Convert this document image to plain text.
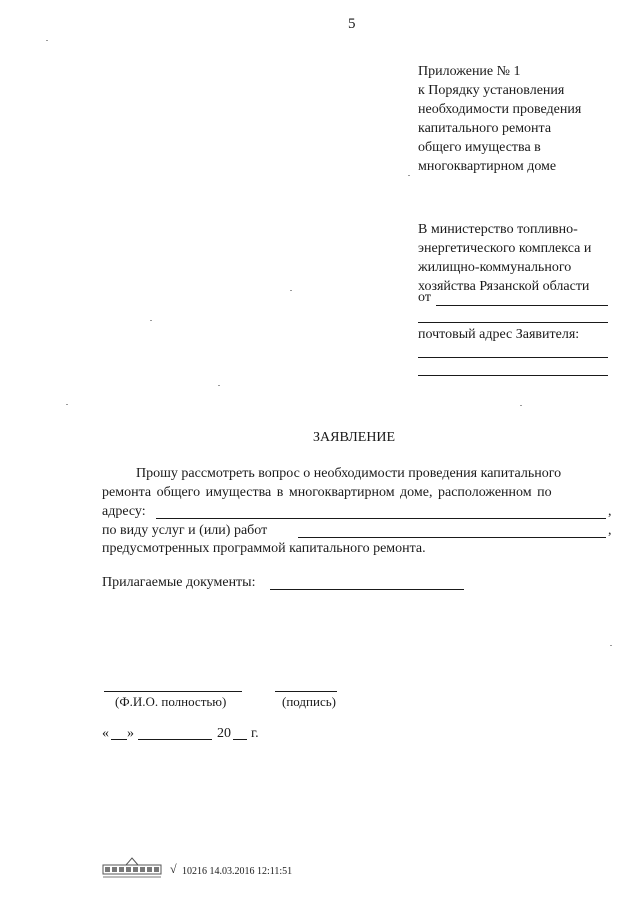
5
Приложение № 1
к Порядку установления
необходимости проведения
капитального ремонта
общего имущества в
многоквартирном доме
В министерство топливно-
энергетического комплекса и
жилищно-коммунального
хозяйства Рязанской области
от
почтовый адрес Заявителя:
ЗАЯВЛЕНИЕ
Прошу рассмотреть вопрос о необходимости проведения капитального
ремонта общего имущества в многоквартирном доме, расположенном по
адресу:	,
по виду услуг и (или) работ	,
предусмотренных программой капитального ремонта.
Прилагаемые документы:
(Ф.И.О. полностью)	(подпись)
« »	20 г.
√ 10216 14.03.2016 12:11:51
